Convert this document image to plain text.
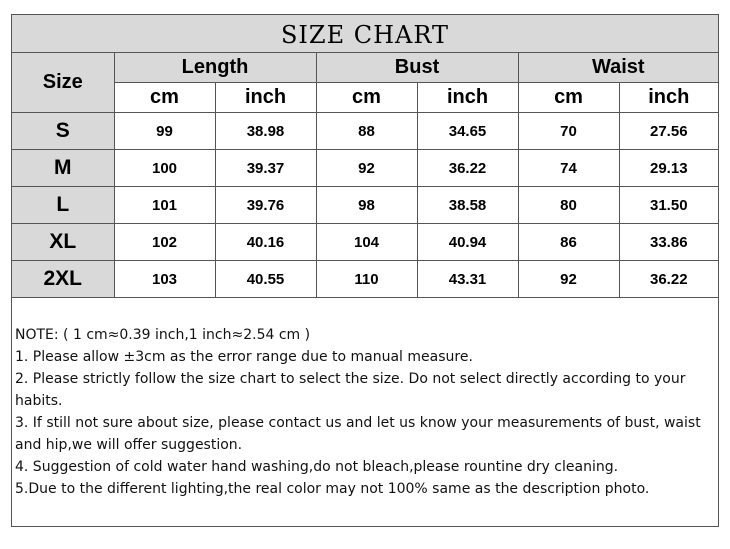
SIZE CHART
Size	Length		Bust		Waist	
	cm	inch	cm	inch	cm	inch
S	99	38.98	88	34.65	70	27.56
M	100	39.37	92	36.22	74	29.13
L	101	39.76	98	38.58	80	31.50
XL	102	40.16	104	40.94	86	33.86
2XL	103	40.55	110	43.31	92	36.22
NOTE: ( 1 cm≈0.39 inch,1 inch≈2.54 cm )
1. Please allow ±3cm as the error range due to manual measure.
2. Please strictly follow the size chart to select the size. Do not select directly according to your habits.
3. If still not sure about size, please contact us and let us know your measurements of bust, waist and hip,we will offer suggestion.
4. Suggestion of cold water hand washing,do not bleach,please rountine dry cleaning.
5.Due to the different lighting,the real color may not 100% same as the description photo.
